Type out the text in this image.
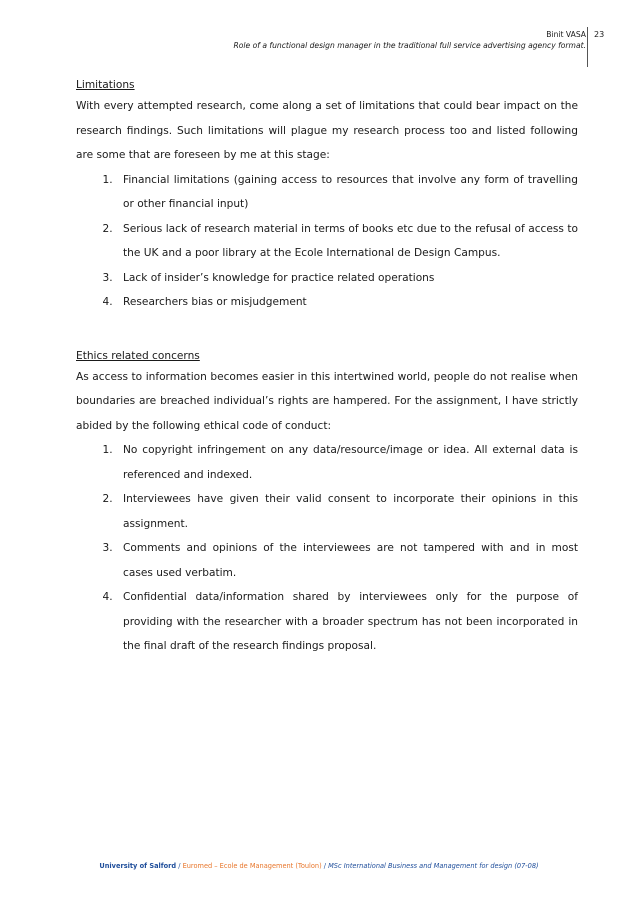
Binit VASA
Role of a functional design manager in the traditional full service advertising agency format.
23

Limitations

With every attempted research, come along a set of limitations that could bear impact on the research findings. Such limitations will plague my research process too and listed following are some that are foreseen by me at this stage:

1. Financial limitations (gaining access to resources that involve any form of travelling or other financial input)
2. Serious lack of research material in terms of books etc due to the refusal of access to the UK and a poor library at the Ecole International de Design Campus.
3. Lack of insider’s knowledge for practice related operations
4. Researchers bias or misjudgement

Ethics related concerns

As access to information becomes easier in this intertwined world, people do not realise when boundaries are breached individual’s rights are hampered. For the assignment, I have strictly abided by the following ethical code of conduct:

1. No copyright infringement on any data/resource/image or idea. All external data is referenced and indexed.
2. Interviewees have given their valid consent to incorporate their opinions in this assignment.
3. Comments and opinions of the interviewees are not tampered with and in most cases used verbatim.
4. Confidential data/information shared by interviewees only for the purpose of providing with the researcher with a broader spectrum has not been incorporated in the final draft of the research findings proposal.
University of Salford / Euromed – Ecole de Management (Toulon) / MSc International Business and Management for design (07-08)
